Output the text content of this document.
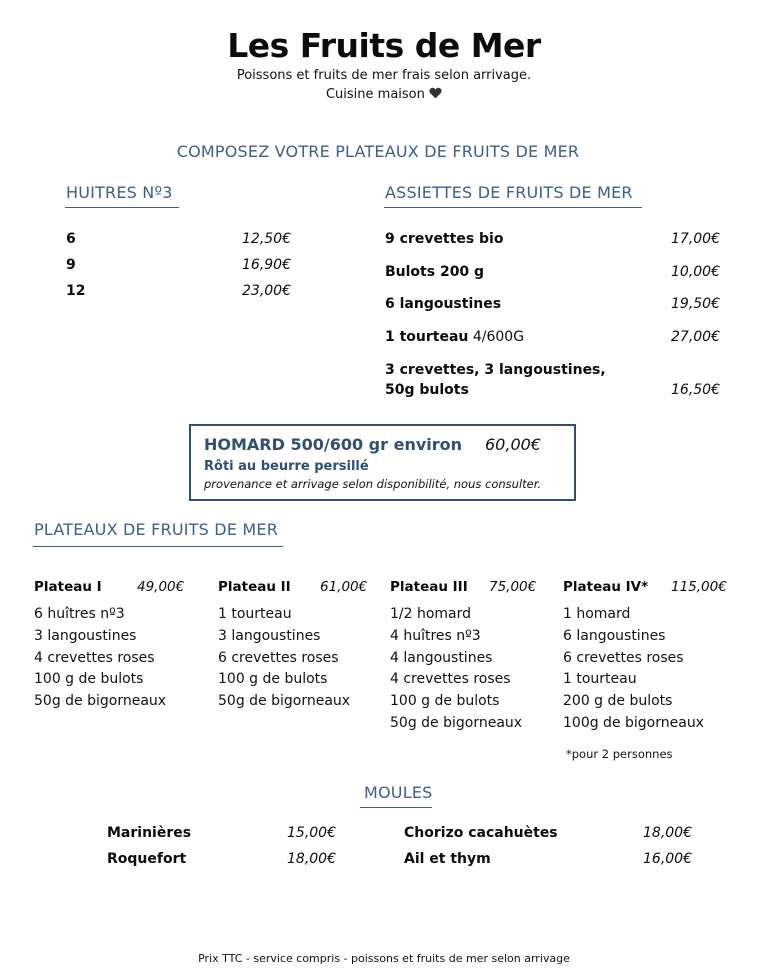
Les Fruits de Mer
Poissons et fruits de mer frais selon arrivage.
Cuisine maison
COMPOSEZ VOTRE PLATEAUX DE FRUITS DE MER
HUITRES Nº3
6	12,50€
9	16,90€
12	23,00€
ASSIETTES DE FRUITS DE MER
9 crevettes bio	17,00€
Bulots 200 g	10,00€
6 langoustines	19,50€
1 tourteau 4/600G	27,00€
3 crevettes, 3 langoustines,
50g bulots	16,50€
HOMARD 500/600 gr environ 60,00€
Rôti au beurre persillé
provenance et arrivage selon disponibilité, nous consulter.
PLATEAUX DE FRUITS DE MER
Plateau I	49,00€
6 huîtres nº3
3 langoustines
4 crevettes roses
100 g de bulots
50g de bigorneaux
Plateau II 61,00€
1 tourteau
3 langoustines
6 crevettes roses
100 g de bulots
50g de bigorneaux
Plateau III 75,00€
1/2 homard
4 huîtres nº3
4 langoustines
4 crevettes roses
100 g de bulots
50g de bigorneaux
Plateau IV* 115,00€
1 homard
6 langoustines
6 crevettes roses
1 tourteau
200 g de bulots
100g de bigorneaux
*pour 2 personnes
MOULES
Marinières	15,00€
Roquefort	18,00€
Chorizo cacahuètes	18,00€
Ail et thym	16,00€
Prix TTC - service compris - poissons et fruits de mer selon arrivage
